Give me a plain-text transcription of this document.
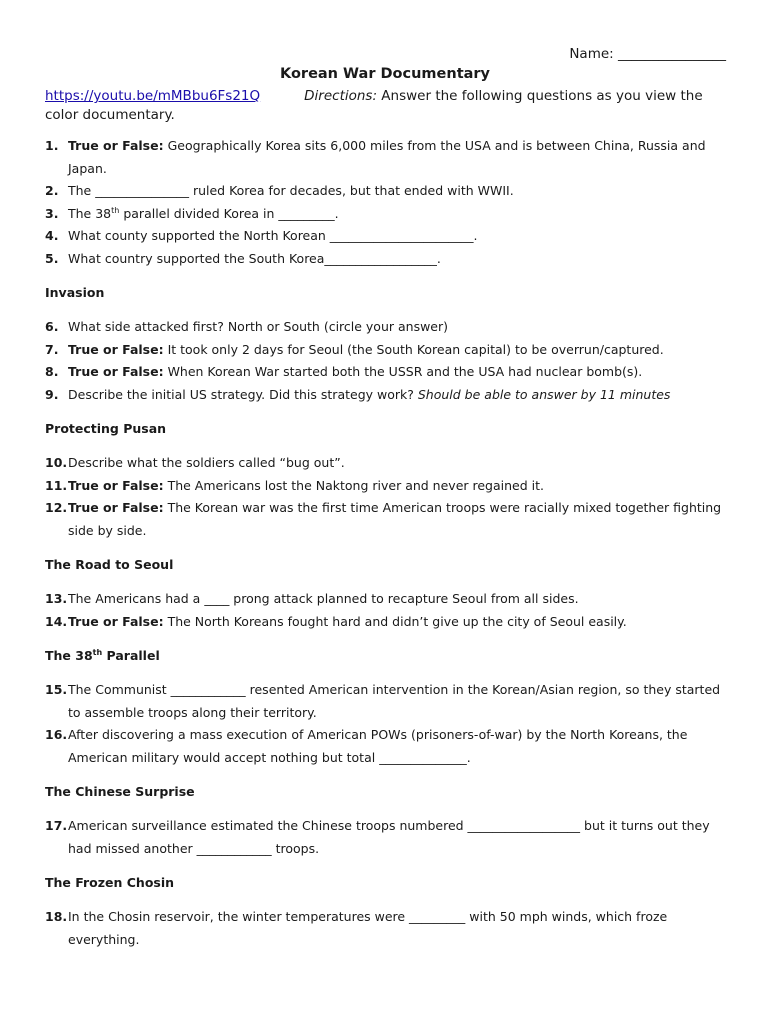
Name: ________________
Korean War Documentary
https://youtu.be/mMBbu6Fs21Q	Directions: Answer the following questions as you view the color documentary.
1. True or False: Geographically Korea sits 6,000 miles from the USA and is between China, Russia and Japan.
2. The _______________ ruled Korea for decades, but that ended with WWII.
3. The 38th parallel divided Korea in _________.
4. What county supported the North Korean _______________________.
5. What country supported the South Korea__________________.
Invasion
6. What side attacked first? North or South (circle your answer)
7. True or False: It took only 2 days for Seoul (the South Korean capital) to be overrun/captured.
8. True or False: When Korean War started both the USSR and the USA had nuclear bomb(s).
9. Describe the initial US strategy. Did this strategy work? Should be able to answer by 11 minutes
Protecting Pusan
10. Describe what the soldiers called “bug out”.
11. True or False: The Americans lost the Naktong river and never regained it.
12. True or False: The Korean war was the first time American troops were racially mixed together fighting side by side.
The Road to Seoul
13. The Americans had a ____ prong attack planned to recapture Seoul from all sides.
14. True or False: The North Koreans fought hard and didn’t give up the city of Seoul easily.
The 38th Parallel
15. The Communist ____________ resented American intervention in the Korean/Asian region, so they started to assemble troops along their territory.
16. After discovering a mass execution of American POWs (prisoners-of-war) by the North Koreans, the American military would accept nothing but total ______________.
The Chinese Surprise
17. American surveillance estimated the Chinese troops numbered __________________ but it turns out they had missed another ____________ troops.
The Frozen Chosin
18. In the Chosin reservoir, the winter temperatures were _________ with 50 mph winds, which froze everything.
